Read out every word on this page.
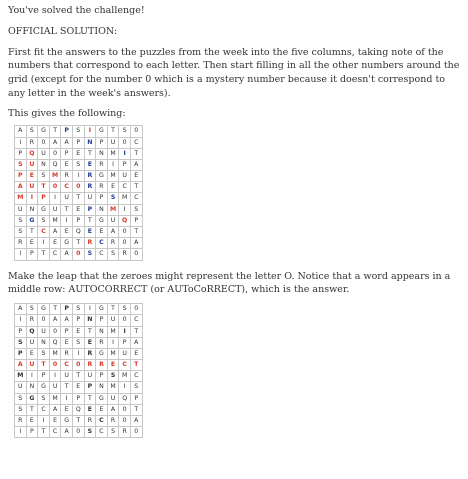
You've solved the challenge!

OFFICIAL SOLUTION:

First fit the answers to the puzzles from the week into the five columns, taking note of the numbers that correspond to each letter. Then start filling in all the other numbers around the grid (except for the number 0 which is a mystery number because it doesn't correspond to any letter in the week's answers).

This gives the following:

A	S	G	T	P	S	I	G	T	S	0
I	R	0	A	A	P	N	P	U	0	C
P	Q	U	0	P	E	T	N	M	I	T
S	U	N	Q	E	S	E	R	I	P	A
P	E	S	M	R	I	R	G	M	U	E
A	U	T	0	C	0	R	R	E	C	T
M	I	P	I	U	T	U	P	S	M	C
U	N	G	U	T	E	P	N	M	I	S
S	G	S	M	I	P	T	G	U	Q	P
S	T	C	A	E	Q	E	E	A	0	T
R	E	I	E	G	T	R	C	R	0	A
I	P	T	C	A	0	S	C	S	R	0

Make the leap that the zeroes might represent the letter O. Notice that a word appears in a middle row: AUTOCORRECT (or AUToCoRRECT), which is the answer.

A	S	G	T	P	S	I	G	T	S	0
I	R	0	A	A	P	N	P	U	0	C
P	Q	U	0	P	E	T	N	M	I	T
S	U	N	Q	E	S	E	R	I	P	A
P	E	S	M	R	I	R	G	M	U	E
A	U	T	0	C	0	R	R	E	C	T
M	I	P	I	U	T	U	P	S	M	C
U	N	G	U	T	E	P	N	M	I	S
S	G	S	M	I	P	T	G	U	Q	P
S	T	C	A	E	Q	E	E	A	0	T
R	E	I	E	G	T	R	C	R	0	A
I	P	T	C	A	0	S	C	S	R	0
